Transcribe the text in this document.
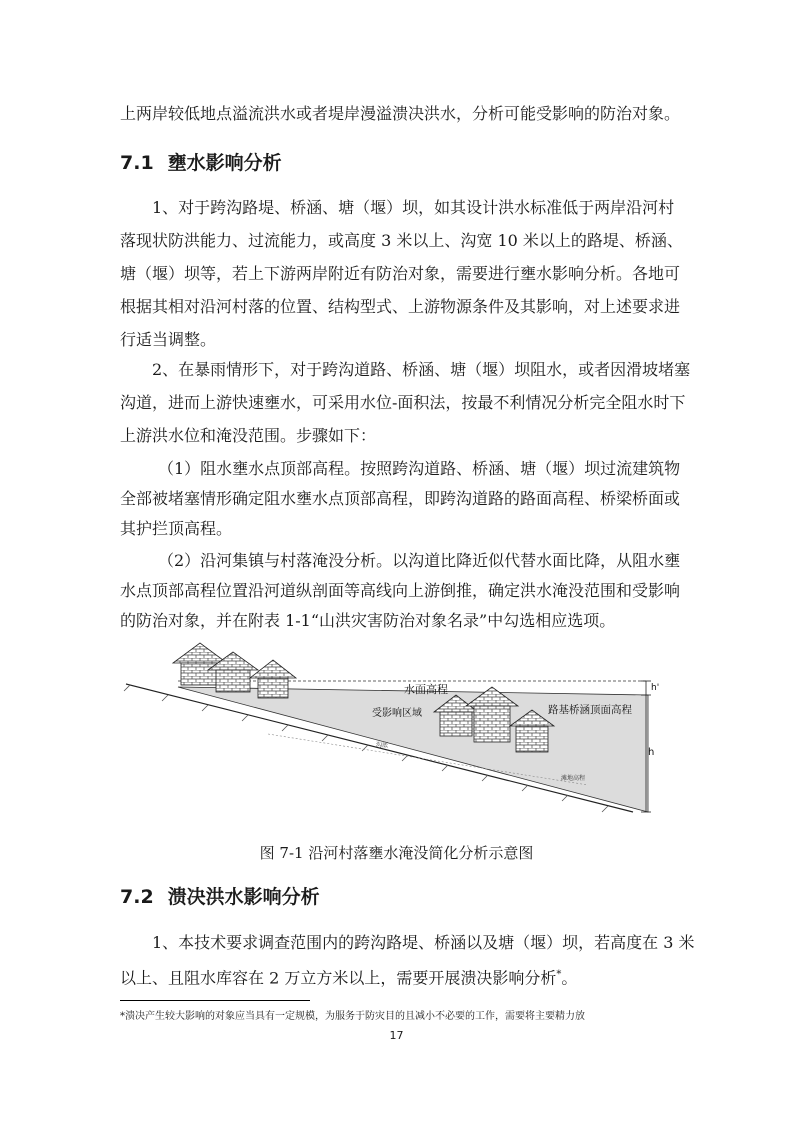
上两岸较低地点溢流洪水或者堤岸漫溢溃决洪水，分析可能受影响的防治对象。
7.1 壅水影响分析
1、对于跨沟路堤、桥涵、塘（堰）坝，如其设计洪水标准低于两岸沿河村
落现状防洪能力、过流能力，或高度 3 米以上、沟宽 10 米以上的路堤、桥涵、
塘（堰）坝等，若上下游两岸附近有防治对象，需要进行壅水影响分析。各地可
根据其相对沿河村落的位置、结构型式、上游物源条件及其影响，对上述要求进
行适当调整。
2、在暴雨情形下，对于跨沟道路、桥涵、塘（堰）坝阻水，或者因滑坡堵塞
沟道，进而上游快速壅水，可采用水位-面积法，按最不利情况分析完全阻水时下
上游洪水位和淹没范围。步骤如下：
（1）阻水壅水点顶部高程。按照跨沟道路、桥涵、塘（堰）坝过流建筑物
全部被堵塞情形确定阻水壅水点顶部高程，即跨沟道路的路面高程、桥梁桥面或
其护拦顶高程。
（2）沿河集镇与村落淹没分析。以沟道比降近似代替水面比降，从阻水壅
水点顶部高程位置沿河道纵剖面等高线向上游倒推，确定洪水淹没范围和受影响
的防治对象，并在附表 1-1“山洪灾害防治对象名录”中勾选相应选项。
水面高程
受影响区域	路基桥涵顶面高程
沟底
滩地高程
h'
h
图 7-1 沿河村落壅水淹没简化分析示意图
7.2 溃决洪水影响分析
1、本技术要求调查范围内的跨沟路堤、桥涵以及塘（堰）坝，若高度在 3 米
以上、且阻水库容在 2 万立方米以上，需要开展溃决影响分析*。
*溃决产生较大影响的对象应当具有一定规模，为服务于防灾目的且减小不必要的工作，需要将主要精力放
17
